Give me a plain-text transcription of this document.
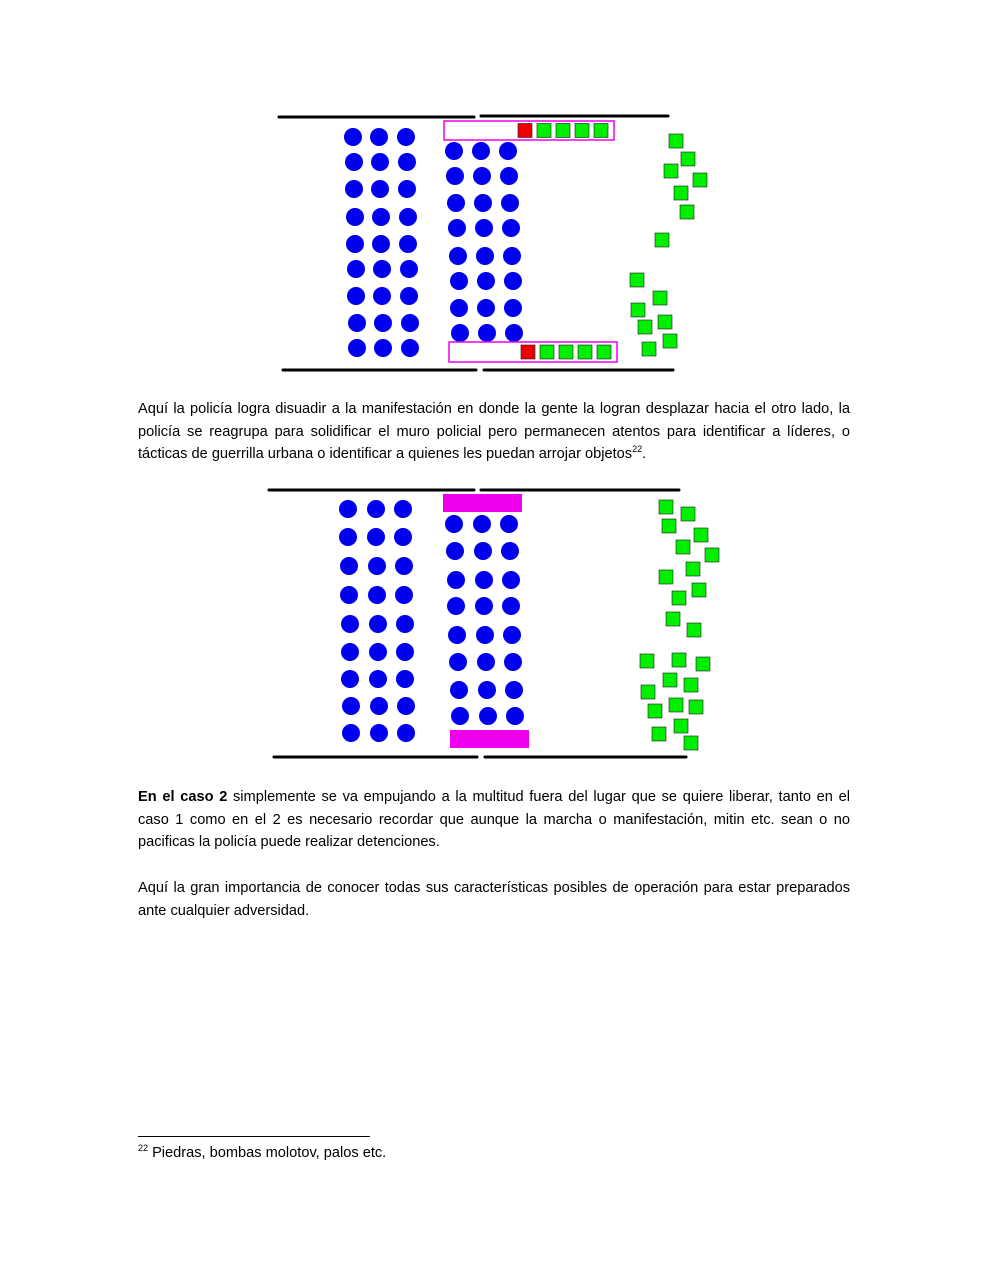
Aquí la policía logra disuadir a la manifestación en donde la gente la logran desplazar hacia el otro lado, la policía se reagrupa para solidificar el muro policial pero permanecen atentos para identificar a líderes, o tácticas de guerrilla urbana o identificar a quienes les puedan arrojar objetos$^{22}$.

En el caso 2 simplemente se va empujando a la multitud fuera del lugar que se quiere liberar, tanto en el caso 1 como en el 2 es necesario recordar que aunque la marcha o manifestación, mitin etc. sean o no pacificas la policía puede realizar detenciones.

Aquí la gran importancia de conocer todas sus características posibles de operación para estar preparados ante cualquier adversidad.

$^{22}$ Piedras, bombas molotov, palos etc.
